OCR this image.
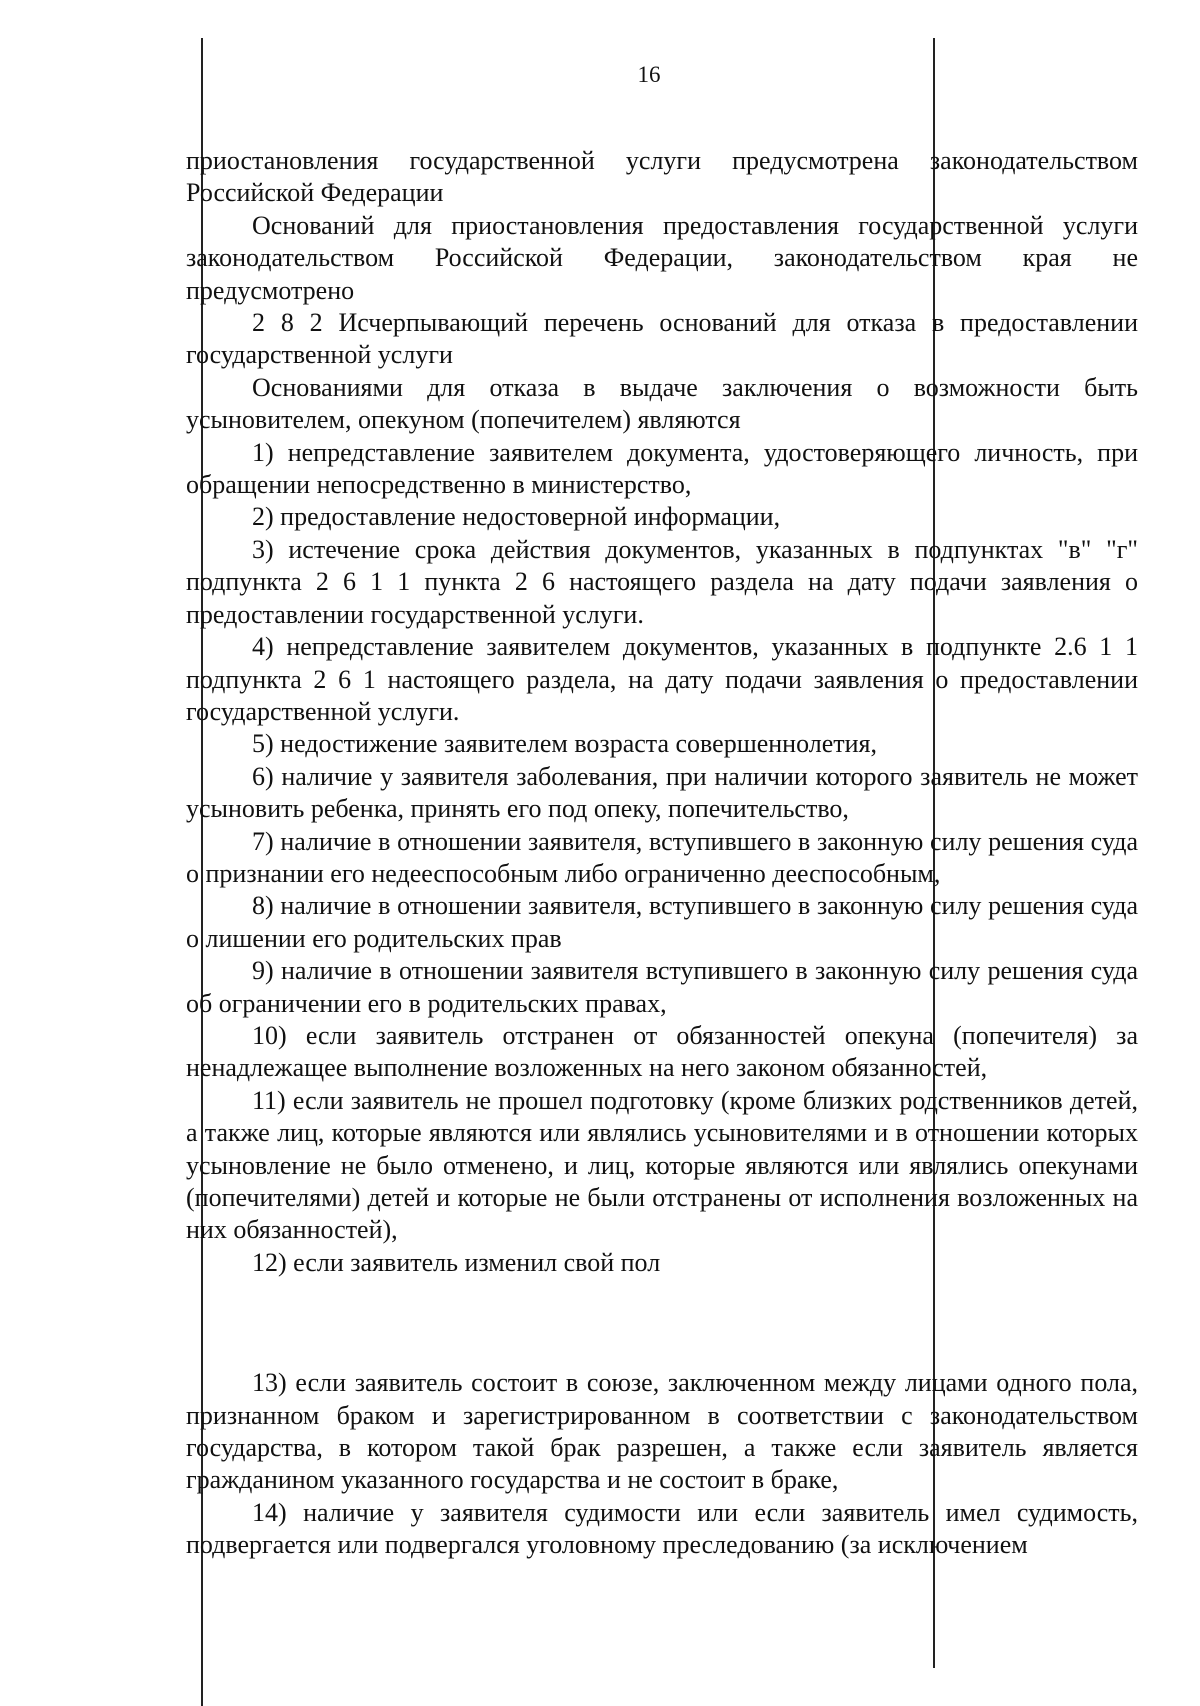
16

приостановления государственной услуги предусмотрена законодательством Российской Федерации

Оснований для приостановления предоставления государственной услуги законодательством Российской Федерации, законодательством края не предусмотрено

2 8 2 Исчерпывающий перечень оснований для отказа в предоставлении государственной услуги

Основаниями для отказа в выдаче заключения о возможности быть усыновителем, опекуном (попечителем) являются

1) непредставление заявителем документа, удостоверяющего личность, при обращении непосредственно в министерство,

2) предоставление недостоверной информации,

3) истечение срока действия документов, указанных в подпунктах "в" "г" подпункта 2 6 1 1 пункта 2 6 настоящего раздела на дату подачи заявления о предоставлении государственной услуги.

4) непредставление заявителем документов, указанных в подпункте 2.6 1 1 подпункта 2 6 1 настоящего раздела, на дату подачи заявления о предоставлении государственной услуги.

5) недостижение заявителем возраста совершеннолетия,

6) наличие у заявителя заболевания, при наличии которого заявитель не может усыновить ребенка, принять его под опеку, попечительство,

7) наличие в отношении заявителя, вступившего в законную силу решения суда о признании его недееспособным либо ограниченно дееспособным,

8) наличие в отношении заявителя, вступившего в законную силу решения суда о лишении его родительских прав

9) наличие в отношении заявителя вступившего в законную силу решения суда об ограничении его в родительских правах,

10) если заявитель отстранен от обязанностей опекуна (попечителя) за ненадлежащее выполнение возложенных на него законом обязанностей,

11) если заявитель не прошел подготовку (кроме близких родственников детей, а также лиц, которые являются или являлись усыновителями и в отношении которых усыновление не было отменено, и лиц, которые являются или являлись опекунами (попечителями) детей и которые не были отстранены от исполнения возложенных на них обязанностей),

12) если заявитель изменил свой пол

13) если заявитель состоит в союзе, заключенном между лицами одного пола, признанном браком и зарегистрированном в соответствии с законодательством государства, в котором такой брак разрешен, а также если заявитель является гражданином указанного государства и не состоит в браке,

14) наличие у заявителя судимости или если заявитель имел судимость, подвергается или подвергался уголовному преследованию (за исключением
